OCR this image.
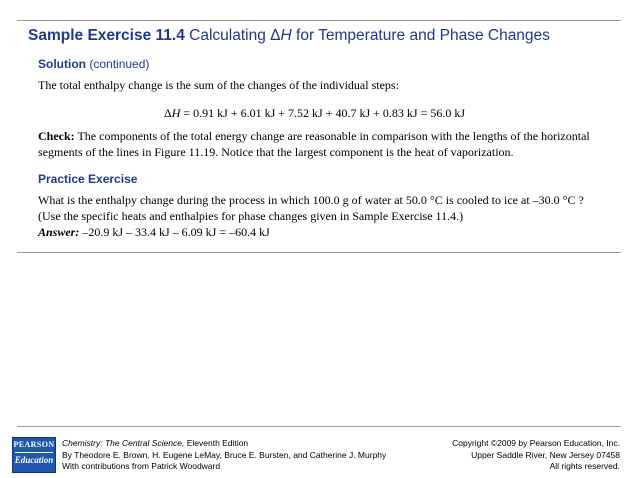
Sample Exercise 11.4 Calculating ΔH for Temperature and Phase Changes
Solution (continued)
The total enthalpy change is the sum of the changes of the individual steps:
ΔH = 0.91 kJ + 6.01 kJ + 7.52 kJ + 40.7 kJ + 0.83 kJ = 56.0 kJ
Check: The components of the total energy change are reasonable in comparison with the lengths of the horizontal segments of the lines in Figure 11.19. Notice that the largest component is the heat of vaporization.
Practice Exercise
What is the enthalpy change during the process in which 100.0 g of water at 50.0 °C is cooled to ice at –30.0 °C ? (Use the specific heats and enthalpies for phase changes given in Sample Exercise 11.4.)
Answer: –20.9 kJ – 33.4 kJ – 6.09 kJ = –60.4 kJ
PEARSON
Education
Chemistry: The Central Science, Eleventh Edition
By Theodore E. Brown, H. Eugene LeMay, Bruce E. Bursten, and Catherine J. Murphy
With contributions from Patrick Woodward
Copyright ©2009 by Pearson Education, Inc.
Upper Saddle River, New Jersey 07458
All rights reserved.
